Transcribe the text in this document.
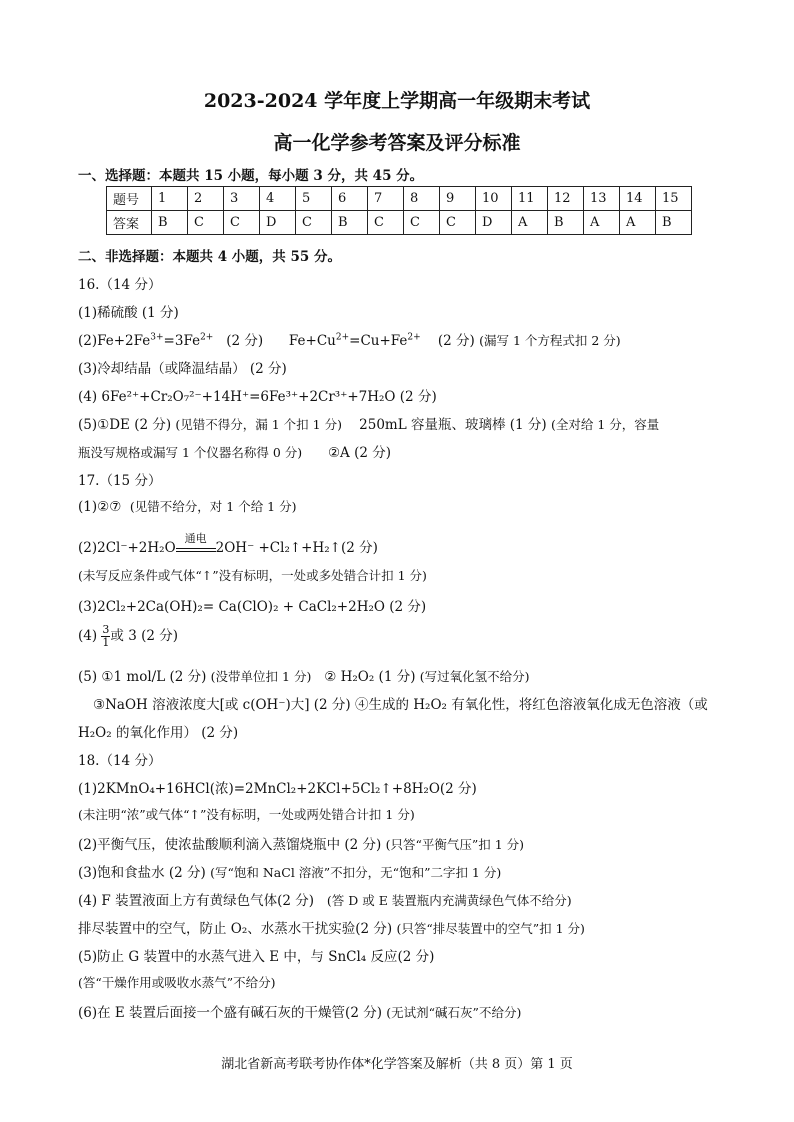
2023-2024 学年度上学期高一年级期末考试
高一化学参考答案及评分标准
一、选择题：本题共 15 小题，每小题 3 分，共 45 分。
题号	1	2	3	4	5	6	7	8	9	10	11	12	13	14	15
答案	B	C	C	D	C	B	C	C	C	D	A	B	A	A	B
二、非选择题：本题共 4 小题，共 55 分。
16.（14 分）
(1)稀硫酸 (1 分)
$(2)Fe+2Fe^{3+}=3Fe^{2+}$ (2 分) $Fe+Cu^{2+}=Cu+Fe^{2+}$ (2 分) (漏写 1 个方程式扣 2 分)
(3)冷却结晶（或降温结晶） (2 分)
(4) 6Fe²⁺+Cr₂O₇²⁻+14H⁺=6Fe³⁺+2Cr³⁺+7H₂O (2 分)
(5)①DE (2 分) (见错不得分，漏 1 个扣 1 分) 250mL 容量瓶、玻璃棒 (1 分) (全对给 1 分，容量
瓶没写规格或漏写 1 个仪器名称得 0 分) ②A (2 分)
17.（15 分）
(1)②⑦ (见错不给分，对 1 个给 1 分)
(2)2Cl⁻+2H₂O
通电
2OH⁻ +Cl₂↑+H₂↑(2 分)
(未写反应条件或气体“↑”没有标明，一处或多处错合计扣 1 分)
(3)2Cl₂+2Ca(OH)₂= Ca(ClO)₂ + CaCl₂+2H₂O (2 分)
$(4) \frac{3}{1}$ 或 3 (2 分)
(5) ①1 mol/L (2 分) (没带单位扣 1 分) ② H₂O₂ (1 分) (写过氧化氢不给分)
③NaOH 溶液浓度大[或 c(OH⁻)大] (2 分) ④生成的 H₂O₂ 有氧化性，将红色溶液氧化成无色溶液（或
H₂O₂ 的氧化作用） (2 分)
18.（14 分）
(1)2KMnO₄+16HCl(浓)=2MnCl₂+2KCl+5Cl₂↑+8H₂O(2 分)
(未注明“浓”或气体“↑”没有标明，一处或两处错合计扣 1 分)
(2)平衡气压，使浓盐酸顺利滴入蒸馏烧瓶中 (2 分) (只答“平衡气压”扣 1 分)
(3)饱和食盐水 (2 分) (写“饱和 NaCl 溶液”不扣分，无“饱和”二字扣 1 分)
(4) F 装置液面上方有黄绿色气体(2 分) (答 D 或 E 装置瓶内充满黄绿色气体不给分)
排尽装置中的空气，防止 O₂、水蒸水干扰实验(2 分) (只答“排尽装置中的空气”扣 1 分)
(5)防止 G 装置中的水蒸气进入 E 中，与 SnCl₄ 反应(2 分)
(答“干燥作用或吸收水蒸气”不给分)
(6)在 E 装置后面接一个盛有碱石灰的干燥管(2 分) (无试剂“碱石灰”不给分)
湖北省新高考联考协作体*化学答案及解析（共 8 页）第 1 页
